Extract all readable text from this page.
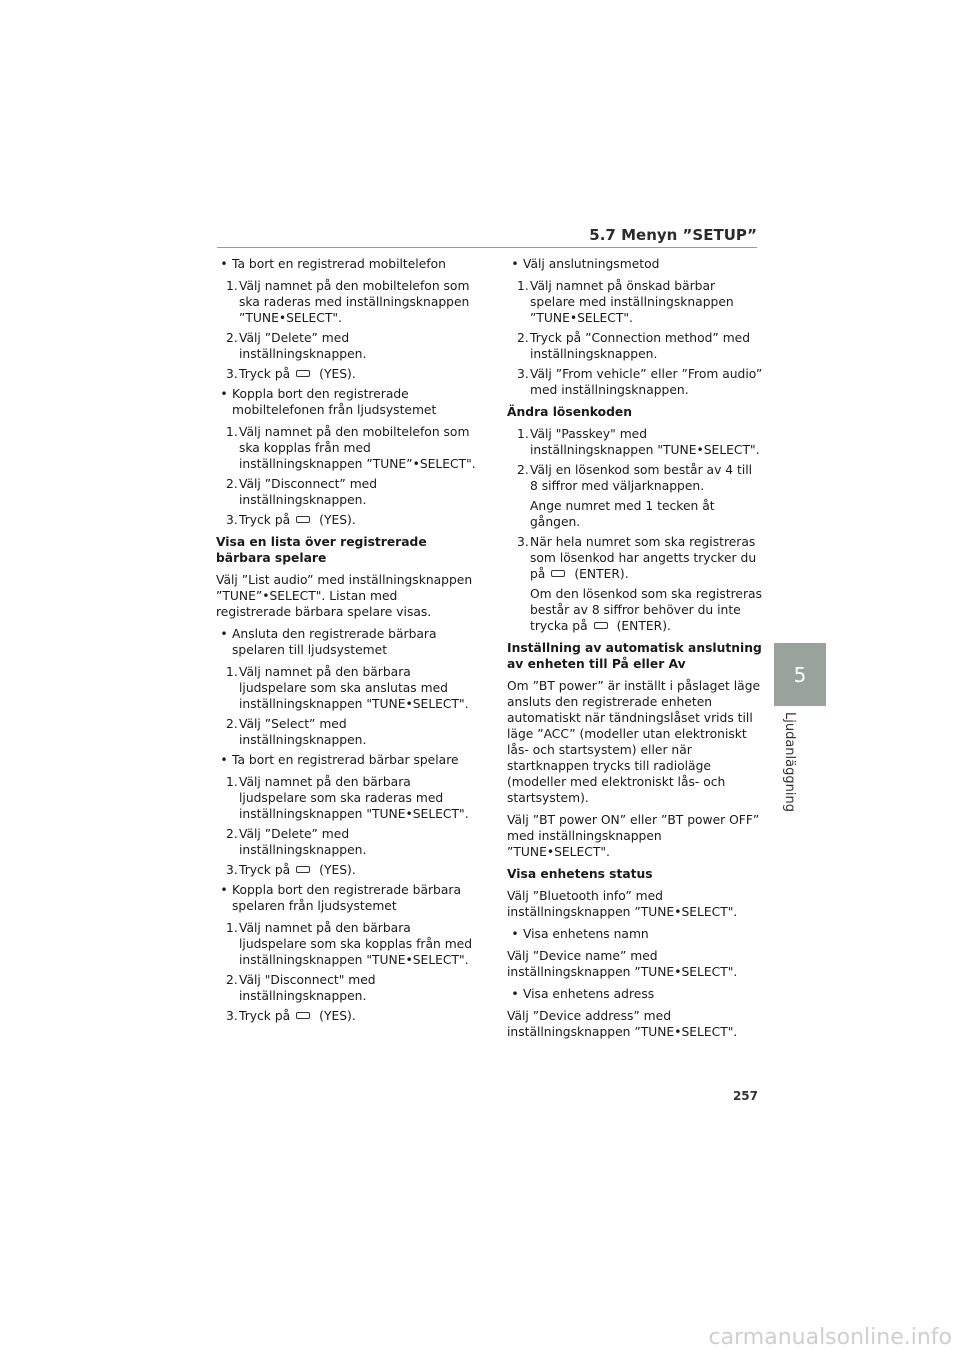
5.7 Menyn ”SETUP”
• Ta bort en registrerad mobiltelefon
1. Välj namnet på den mobiltelefon som ska raderas med inställningsknappen ”TUNE•SELECT".
2. Välj ”Delete” med inställningsknappen.
3. Tryck på (YES).
• Koppla bort den registrerade mobiltelefonen från ljudsystemet
1. Välj namnet på den mobiltelefon som ska kopplas från med inställningsknappen ”TUNE”•SELECT".
2. Välj ”Disconnect” med inställningsknappen.
3. Tryck på (YES).
Visa en lista över registrerade bärbara spelare
Välj ”List audio” med inställningsknappen ”TUNE”•SELECT". Listan med registrerade bärbara spelare visas.
• Ansluta den registrerade bärbara spelaren till ljudsystemet
1. Välj namnet på den bärbara ljudspelare som ska anslutas med inställningsknappen "TUNE•SELECT".
2. Välj ”Select” med inställningsknappen.
• Ta bort en registrerad bärbar spelare
1. Välj namnet på den bärbara ljudspelare som ska raderas med inställningsknappen "TUNE•SELECT".
2. Välj ”Delete” med inställningsknappen.
3. Tryck på (YES).
• Koppla bort den registrerade bärbara spelaren från ljudsystemet
1. Välj namnet på den bärbara ljudspelare som ska kopplas från med inställningsknappen "TUNE•SELECT".
2. Välj "Disconnect" med inställningsknappen.
3. Tryck på (YES).
• Välj anslutningsmetod
1. Välj namnet på önskad bärbar spelare med inställningsknappen ”TUNE•SELECT".
2. Tryck på ”Connection method” med inställningsknappen.
3. Välj ”From vehicle” eller ”From audio” med inställningsknappen.
Ändra lösenkoden
1. Välj "Passkey" med inställningsknappen "TUNE•SELECT".
2. Välj en lösenkod som består av 4 till 8 siffror med väljarknappen.
Ange numret med 1 tecken åt gången.
3. När hela numret som ska registreras som lösenkod har angetts trycker du på (ENTER).
Om den lösenkod som ska registreras består av 8 siffror behöver du inte trycka på (ENTER).
Inställning av automatisk anslutning av enheten till På eller Av
Om ”BT power” är inställt i påslaget läge ansluts den registrerade enheten automatiskt när tändningslåset vrids till läge ”ACC” (modeller utan elektroniskt lås- och startsystem) eller när startknappen trycks till radioläge (modeller med elektroniskt lås- och startsystem).
Välj ”BT power ON” eller ”BT power OFF” med inställningsknappen ”TUNE•SELECT".
Visa enhetens status
Välj ”Bluetooth info” med inställningsknappen ”TUNE•SELECT".
• Visa enhetens namn
Välj ”Device name” med inställningsknappen ”TUNE•SELECT".
• Visa enhetens adress
Välj ”Device address” med inställningsknappen ”TUNE•SELECT".
5
Ljudanläggning
257
carmanualsonline.info
